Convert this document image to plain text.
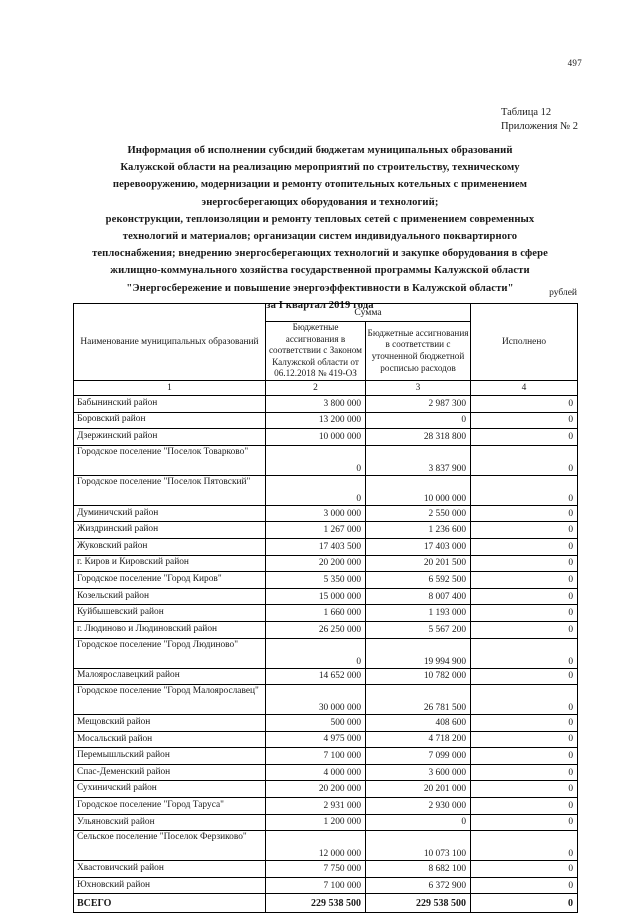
497
Таблица 12
Приложения № 2
Информация об исполнении субсидий бюджетам муниципальных образований
Калужской области на реализацию мероприятий по строительству, техническому
перевооружению, модернизации и ремонту отопительных котельных с применением
энергосберегающих оборудования и технологий;
реконструкции, теплоизоляции и ремонту тепловых сетей с применением современных
технологий и материалов; организации систем индивидуального поквартирного
теплоснабжения; внедрению энергосберегающих технологий и закупке оборудования в сфере
жилищно-коммунального хозяйства государственной программы Калужской области
"Энергосбережение и повышение энергоэффективности в Калужской области"
за I квартал 2019 года
рублей
Наименование муниципальных образований	Сумма		Исполнено
	Бюджетные ассигнования в соответствии с Законом Калужской области от 06.12.2018 № 419-ОЗ	Бюджетные ассигнования в соответствии с уточненной бюджетной росписью расходов	
1	2	3	4
Бабынинский район	3 800 000	2 987 300	0
Боровский район	13 200 000	0	0
Дзержинский район	10 000 000	28 318 800	0
Городское поселение "Поселок Товарково"	0	3 837 900	0
Городское поселение "Поселок Пятовский"	0	10 000 000	0
Думиничский район	3 000 000	2 550 000	0
Жиздринский район	1 267 000	1 236 600	0
Жуковский район	17 403 500	17 403 000	0
г. Киров и Кировский район	20 200 000	20 201 500	0
Городское поселение "Город Киров"	5 350 000	6 592 500	0
Козельский район	15 000 000	8 007 400	0
Куйбышевский район	1 660 000	1 193 000	0
г. Людиново и Людиновский район	26 250 000	5 567 200	0
Городское поселение "Город Людиново"	0	19 994 900	0
Малоярославецкий район	14 652 000	10 782 000	0
Городское поселение "Город Малоярославец"	30 000 000	26 781 500	0
Мещовский район	500 000	408 600	0
Мосальский район	4 975 000	4 718 200	0
Перемышльский район	7 100 000	7 099 000	0
Спас-Деменский район	4 000 000	3 600 000	0
Сухиничский район	20 200 000	20 201 000	0
Городское поселение "Город Таруса"	2 931 000	2 930 000	0
Ульяновский район	1 200 000	0	0
Сельское поселение "Поселок Ферзиково"	12 000 000	10 073 100	0
Хвастовичский район	7 750 000	8 682 100	0
Юхновский район	7 100 000	6 372 900	0
ВСЕГО	229 538 500	229 538 500	0
